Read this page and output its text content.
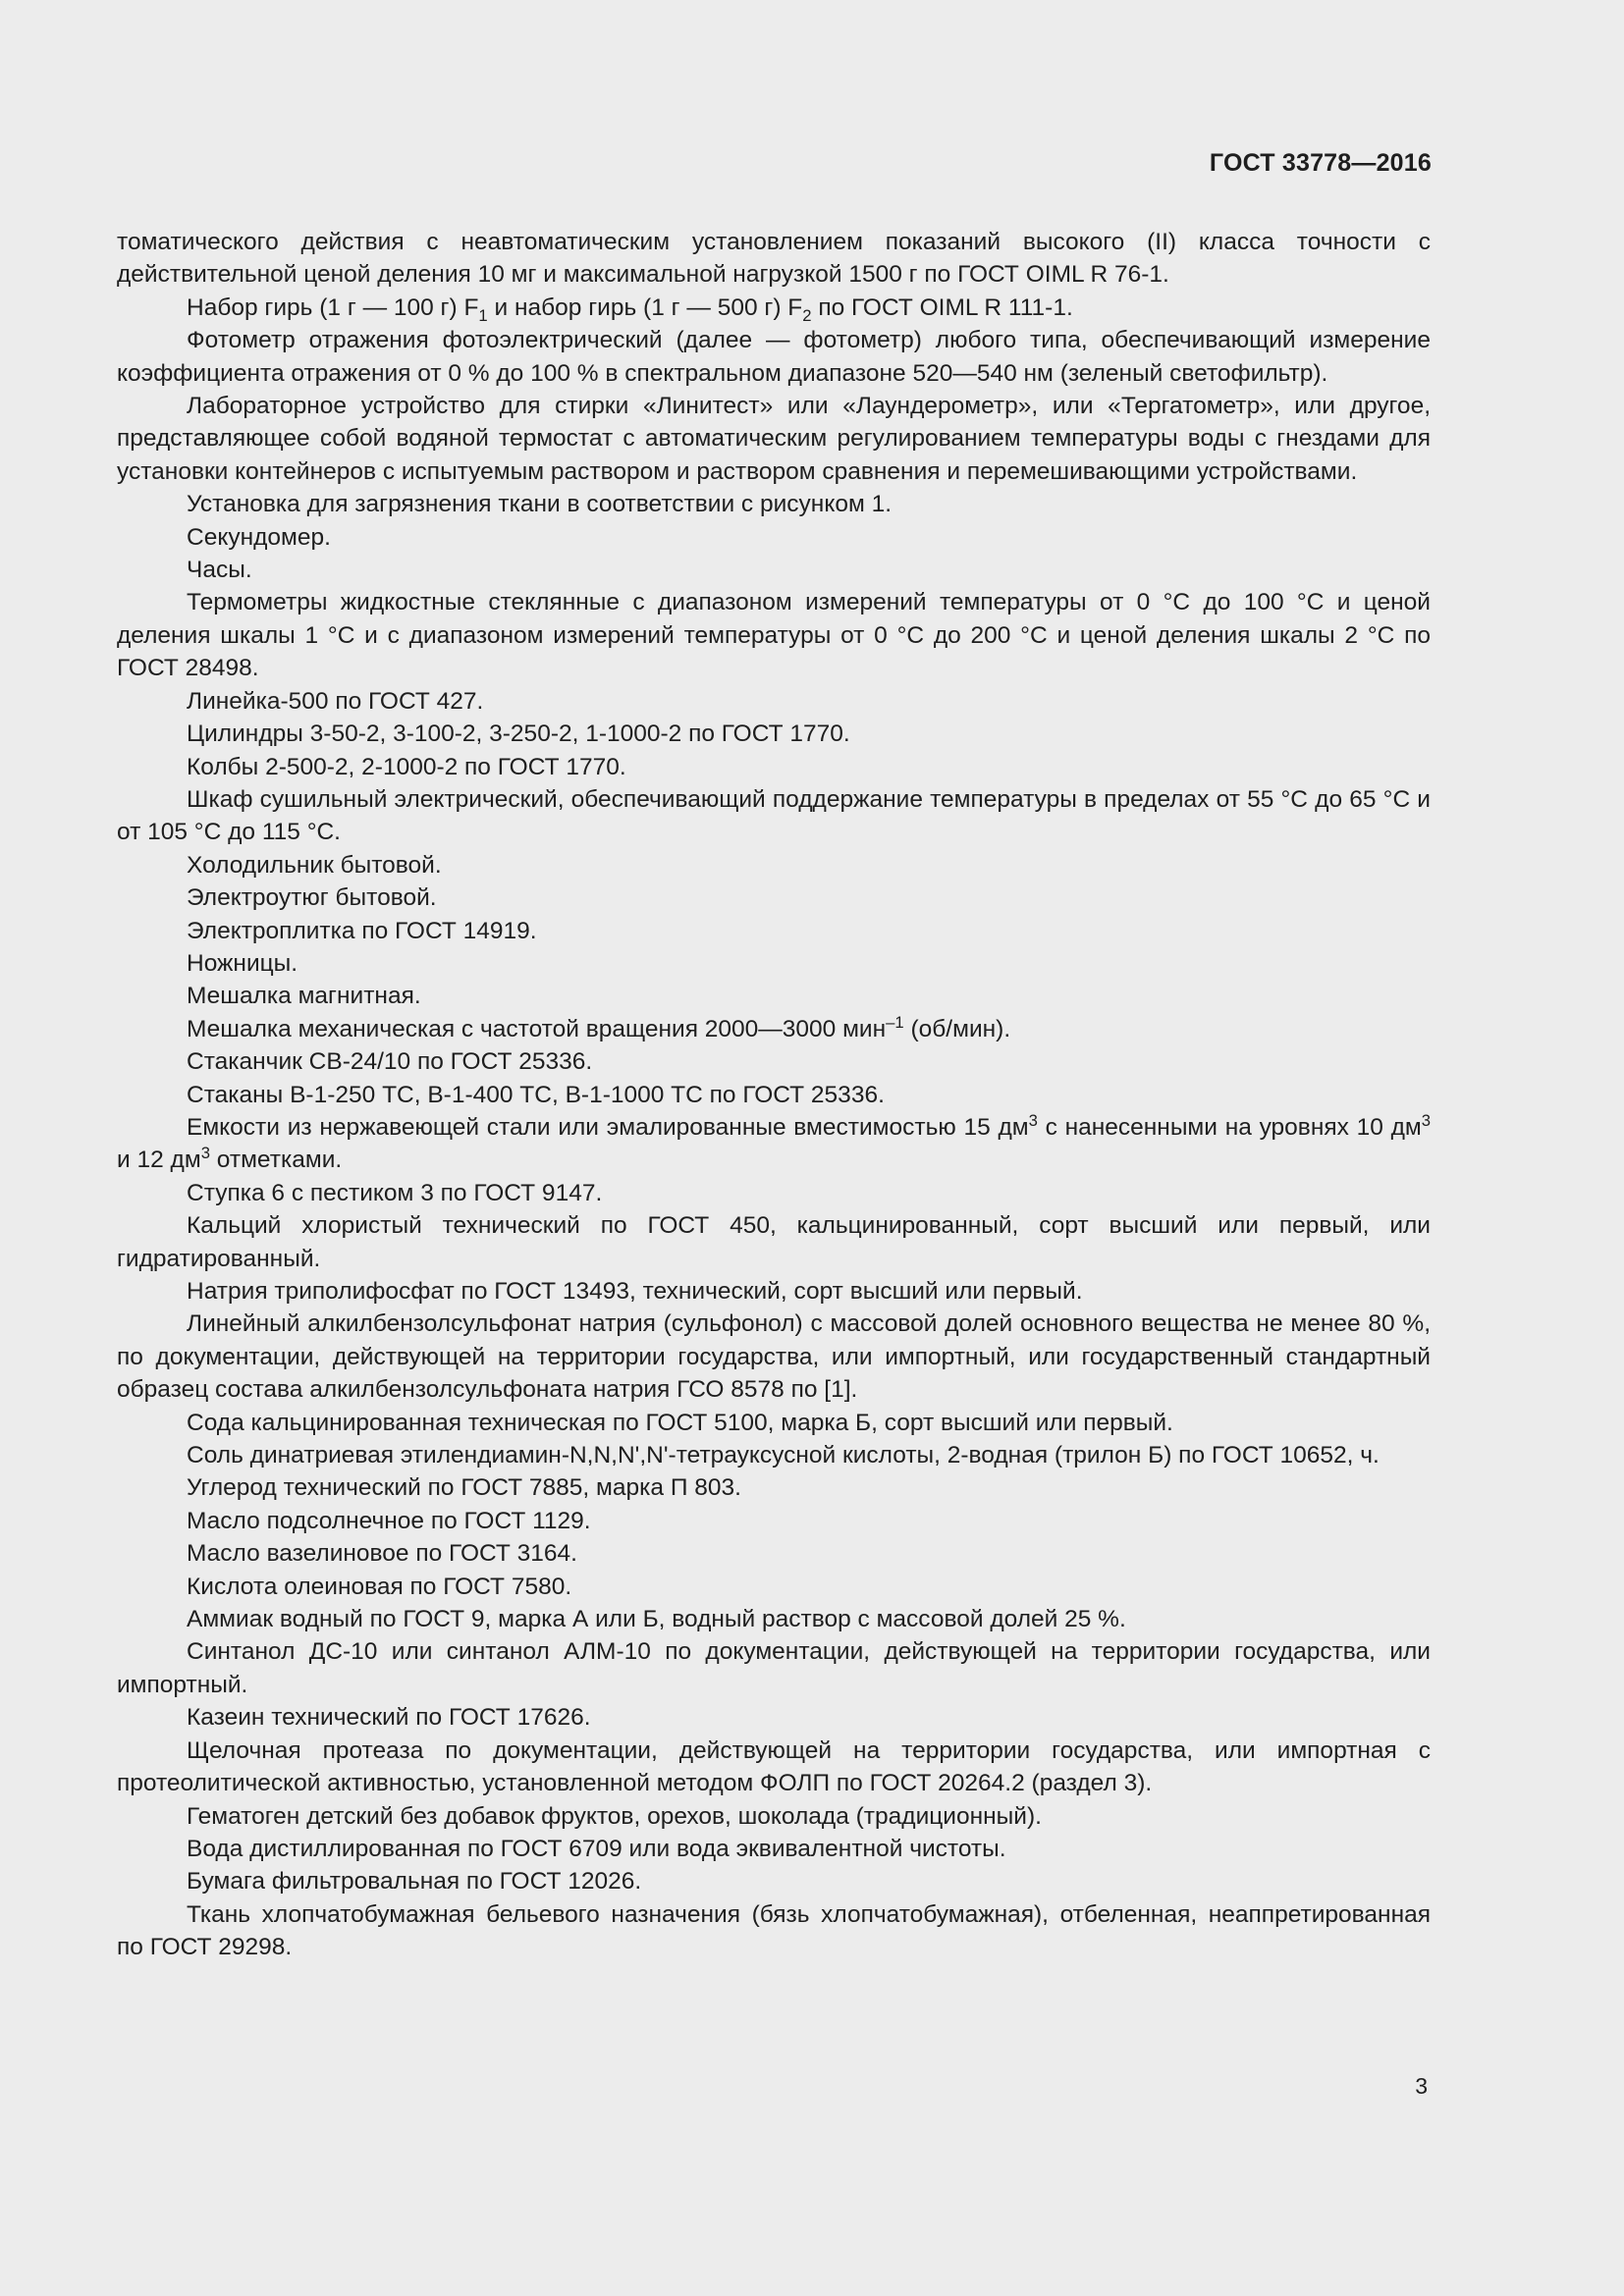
ГОСТ 33778—2016

томатического действия с неавтоматическим установлением показаний высокого (II) класса точности с действительной ценой деления 10 мг и максимальной нагрузкой 1500 г по ГОСТ OIML R 76-1.

Набор гирь (1 г — 100 г) $F_1$ и набор гирь (1 г — 500 г) $F_2$ по ГОСТ OIML R 111-1.

Фотометр отражения фотоэлектрический (далее — фотометр) любого типа, обеспечивающий измерение коэффициента отражения от 0 % до 100 % в спектральном диапазоне 520—540 нм (зеленый светофильтр).

Лабораторное устройство для стирки «Линитест» или «Лаундерометр», или «Тергатометр», или другое, представляющее собой водяной термостат с автоматическим регулированием температуры воды с гнездами для установки контейнеров с испытуемым раствором и раствором сравнения и перемешивающими устройствами.

Установка для загрязнения ткани в соответствии с рисунком 1.

Секундомер.

Часы.

Термометры жидкостные стеклянные с диапазоном измерений температуры от 0 °С до 100 °С и ценой деления шкалы 1 °С и с диапазоном измерений температуры от 0 °С до 200 °С и ценой деления шкалы 2 °С по ГОСТ 28498.

Линейка-500 по ГОСТ 427.

Цилиндры 3-50-2, 3-100-2, 3-250-2, 1-1000-2 по ГОСТ 1770.

Колбы 2-500-2, 2-1000-2 по ГОСТ 1770.

Шкаф сушильный электрический, обеспечивающий поддержание температуры в пределах от 55 °С до 65 °С и от 105 °С до 115 °С.

Холодильник бытовой.

Электроутюг бытовой.

Электроплитка по ГОСТ 14919.

Ножницы.

Мешалка магнитная.

Мешалка механическая с частотой вращения 2000—3000 мин$^{-1}$ (об/мин).

Стаканчик СВ-24/10 по ГОСТ 25336.

Стаканы В-1-250 ТС, В-1-400 ТС, В-1-1000 ТС по ГОСТ 25336.

Емкости из нержавеющей стали или эмалированные вместимостью 15 $дм^3$ с нанесенными на уровнях 10 $дм^3$ и 12 $дм^3$ отметками.

Ступка 6 с пестиком 3 по ГОСТ 9147.

Кальций хлористый технический по ГОСТ 450, кальцинированный, сорт высший или первый, или гидратированный.

Натрия триполифосфат по ГОСТ 13493, технический, сорт высший или первый.

Линейный алкилбензолсульфонат натрия (сульфонол) с массовой долей основного вещества не менее 80 %, по документации, действующей на территории государства, или импортный, или государственный стандартный образец состава алкилбензолсульфоната натрия ГСО 8578 по [1].

Сода кальцинированная техническая по ГОСТ 5100, марка Б, сорт высший или первый.

Соль динатриевая этилендиамин-N,N,N',N'-тетрауксусной кислоты, 2-водная (трилон Б) по ГОСТ 10652, ч.

Углерод технический по ГОСТ 7885, марка П 803.

Масло подсолнечное по ГОСТ 1129.

Масло вазелиновое по ГОСТ 3164.

Кислота олеиновая по ГОСТ 7580.

Аммиак водный по ГОСТ 9, марка А или Б, водный раствор с массовой долей 25 %.

Синтанол ДС-10 или синтанол АЛМ-10 по документации, действующей на территории государства, или импортный.

Казеин технический по ГОСТ 17626.

Щелочная протеаза по документации, действующей на территории государства, или импортная с протеолитической активностью, установленной методом ФОЛП по ГОСТ 20264.2 (раздел 3).

Гематоген детский без добавок фруктов, орехов, шоколада (традиционный).

Вода дистиллированная по ГОСТ 6709 или вода эквивалентной чистоты.

Бумага фильтровальная по ГОСТ 12026.

Ткань хлопчатобумажная бельевого назначения (бязь хлопчатобумажная), отбеленная, неаппретированная по ГОСТ 29298.

3
